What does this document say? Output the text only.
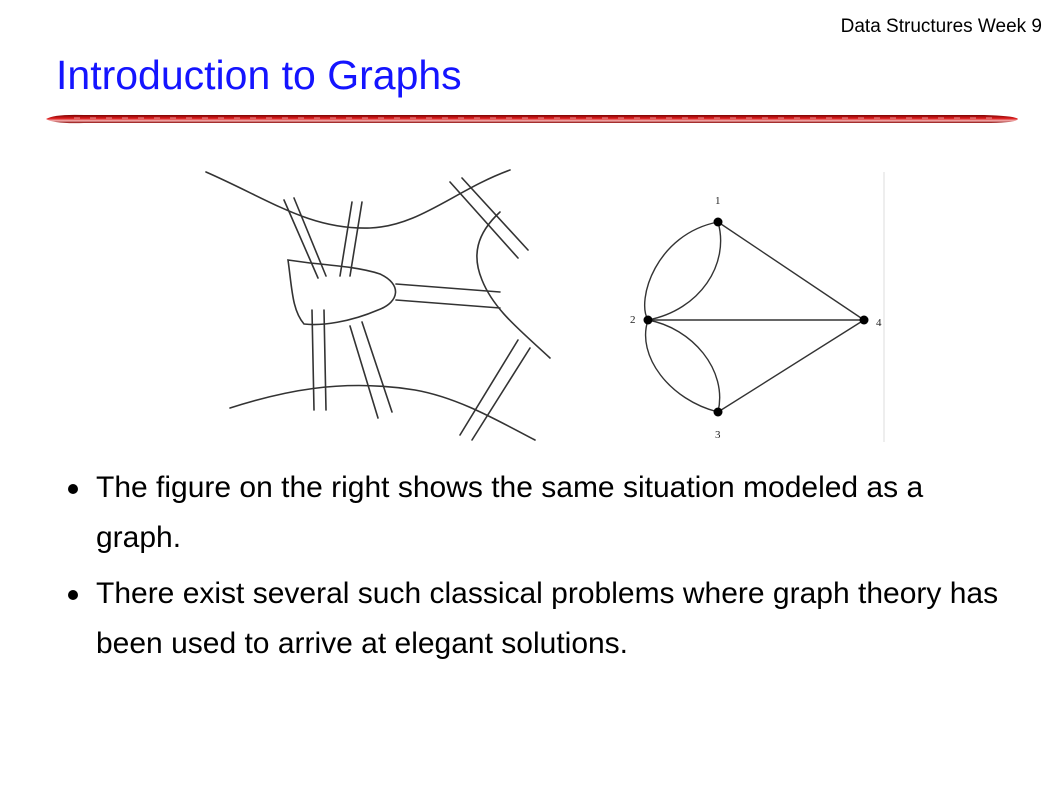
Data Structures Week 9
Introduction to Graphs
1
2
3
4
The figure on the right shows the same situation modeled as a graph.
There exist several such classical problems where graph theory has been used to arrive at elegant solutions.
